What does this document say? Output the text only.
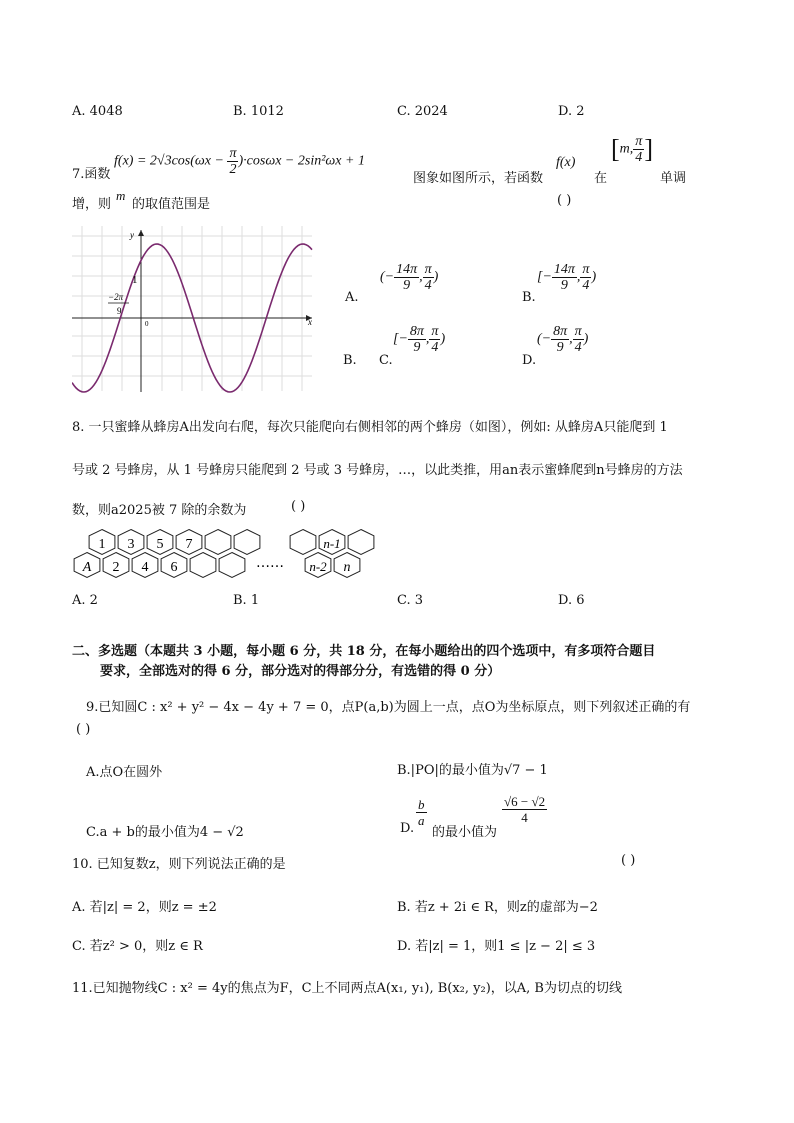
A. 4048	B. 1012	C. 2024	D. 2
7.函数
$f(x) = 2√3\cos(\omega x - \frac{\pi}{2} )\cdot\cos\omega x - 2\sin^2\omega x + 1$
图象如图所示，若函数
f(x)
在
[m, $\frac{\pi}{4}$ ]
单调
增，则
m
的取值范围是	( )
y
x
1
−2π
9
0
A.
(− $\frac{14\pi}{9}$ , $\frac{\pi}{4}$ )
B.
[− $\frac{14\pi}{9}$ , $\frac{\pi}{4}$ )
B. C.
[− $\frac{8\pi}{9}$ , $\frac{\pi}{4}$ )
D.
(− $\frac{8\pi}{9}$ , $\frac{\pi}{4}$ )
8. 一只蜜蜂从蜂房A出发向右爬，每次只能爬向右侧相邻的两个蜂房（如图），例如: 从蜂房A只能爬到 1
号或 2 号蜂房，从 1 号蜂房只能爬到 2 号或 3 号蜂房，…，以此类推，用an表示蜜蜂爬到n号蜂房的方法
数，则a2025被 7 除的余数为	( )
1 3 5 7
A 2 4 6
n-1
n-2 n
……
A. 2	B. 1	C. 3	D. 6
二、多选题（本题共 3 小题，每小题 6 分，共 18 分，在每小题给出的四个选项中，有多项符合题目
要求，全部选对的得 6 分，部分选对的得部分分，有选错的得 0 分）
9.已知圆C : x² + y² − 4x − 4y + 7 = 0，点P(a,b)为圆上一点，点O为坐标原点，则下列叙述正确的有
( )
A.点O在圆外	B.|PO|的最小值为√7 − 1
C.a + b的最小值为4 − √2	D.
$\frac{b}{a}$
的最小值为
$\frac{√6 - √2}{4}$
10. 已知复数z，则下列说法正确的是	( )
A. 若|z| = 2，则z = ±2	B. 若z + 2i ∈ R，则z的虚部为−2
C. 若z² > 0，则z ∈ R	D. 若|z| = 1，则1 ≤ |z − 2| ≤ 3
11.已知抛物线C : x² = 4y的焦点为F，C上不同两点A(x₁, y₁), B(x₂, y₂)，以A, B为切点的切线
